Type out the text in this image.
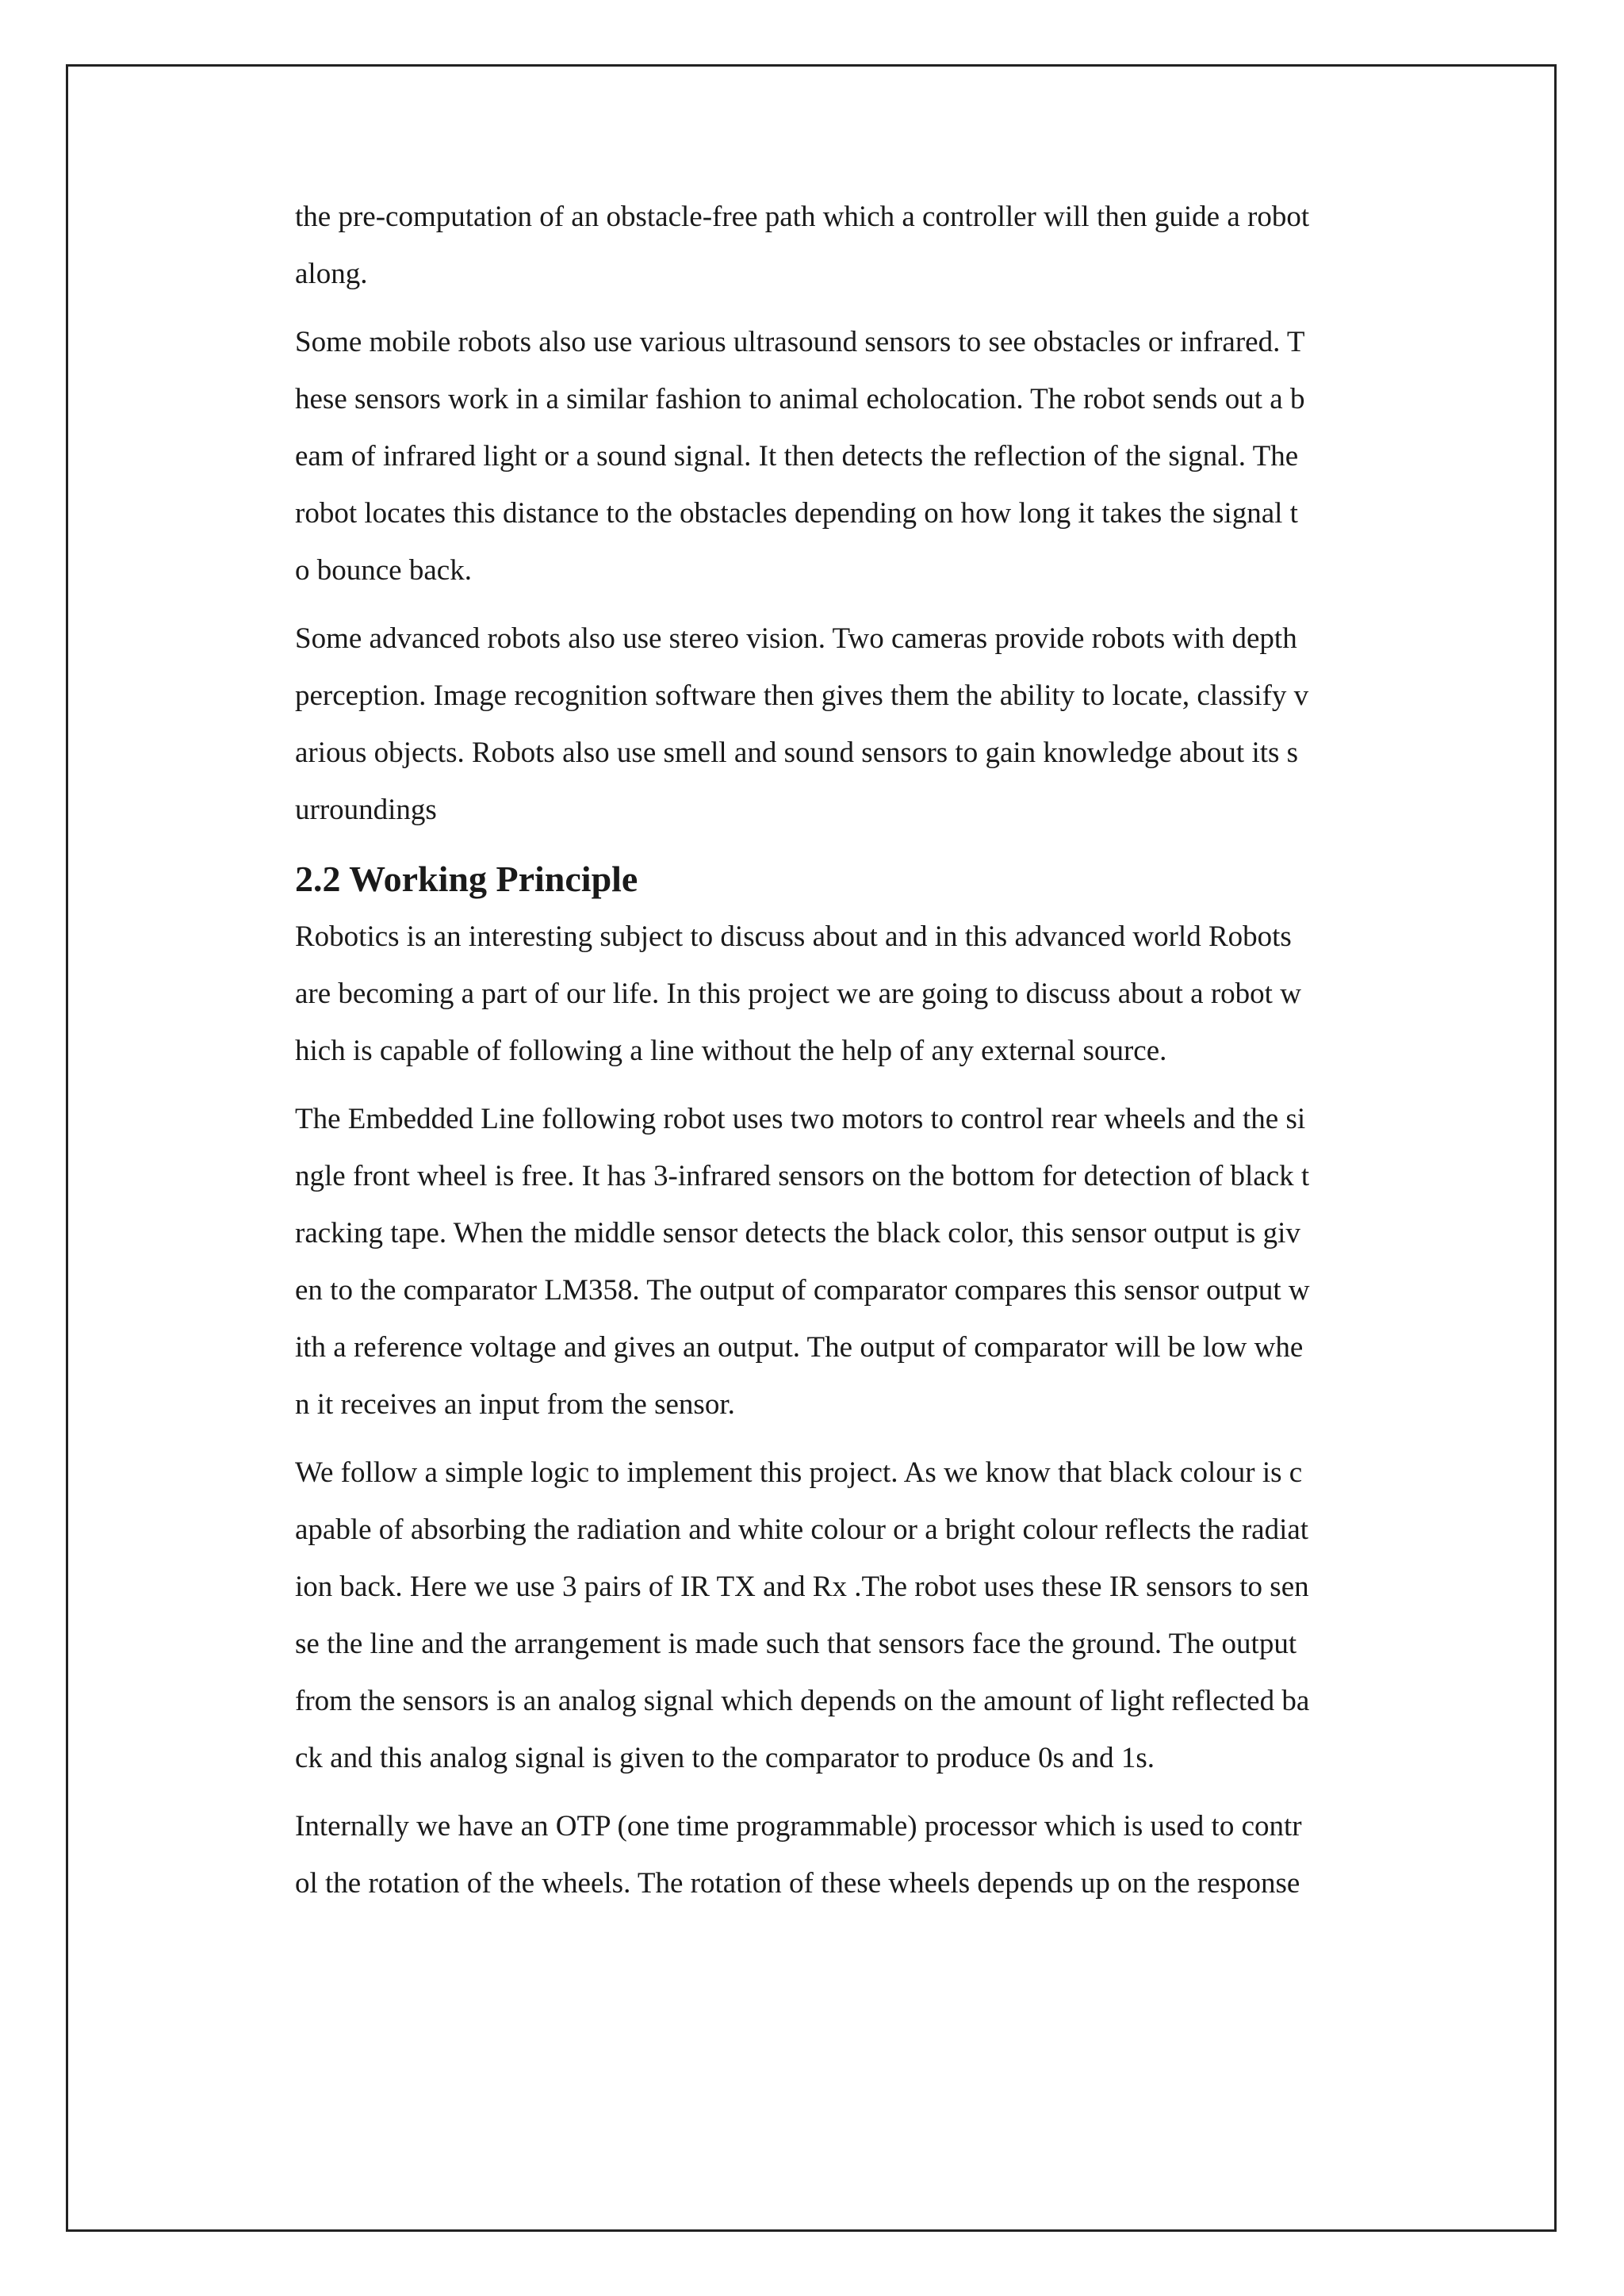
the pre-computation of an obstacle-free path which a controller will then guide a robot
along.

Some mobile robots also use various ultrasound sensors to see obstacles or infrared. T
hese sensors work in a similar fashion to animal echolocation. The robot sends out a b
eam of infrared light or a sound signal. It then detects the reflection of the signal. The
robot locates this distance to the obstacles depending on how long it takes the signal t
o bounce back.

Some advanced robots also use stereo vision. Two cameras provide robots with depth
perception. Image recognition software then gives them the ability to locate, classify v
arious objects. Robots also use smell and sound sensors to gain knowledge about its s
urroundings

2.2 Working Principle

Robotics is an interesting subject to discuss about and in this advanced world Robots
are becoming a part of our life. In this project we are going to discuss about a robot w
hich is capable of following a line without the help of any external source.

The Embedded Line following robot uses two motors to control rear wheels and the si
ngle front wheel is free. It has 3-infrared sensors on the bottom for detection of black t
racking tape. When the middle sensor detects the black color, this sensor output is giv
en to the comparator LM358. The output of comparator compares this sensor output w
ith a reference voltage and gives an output. The output of comparator will be low whe
n it receives an input from the sensor.

We follow a simple logic to implement this project. As we know that black colour is c
apable of absorbing the radiation and white colour or a bright colour reflects the radiat
ion back. Here we use 3 pairs of IR TX and Rx .The robot uses these IR sensors to sen
se the line and the arrangement is made such that sensors face the ground. The output
from the sensors is an analog signal which depends on the amount of light reflected ba
ck and this analog signal is given to the comparator to produce 0s and 1s.

Internally we have an OTP (one time programmable) processor which is used to contr
ol the rotation of the wheels. The rotation of these wheels depends up on the response
